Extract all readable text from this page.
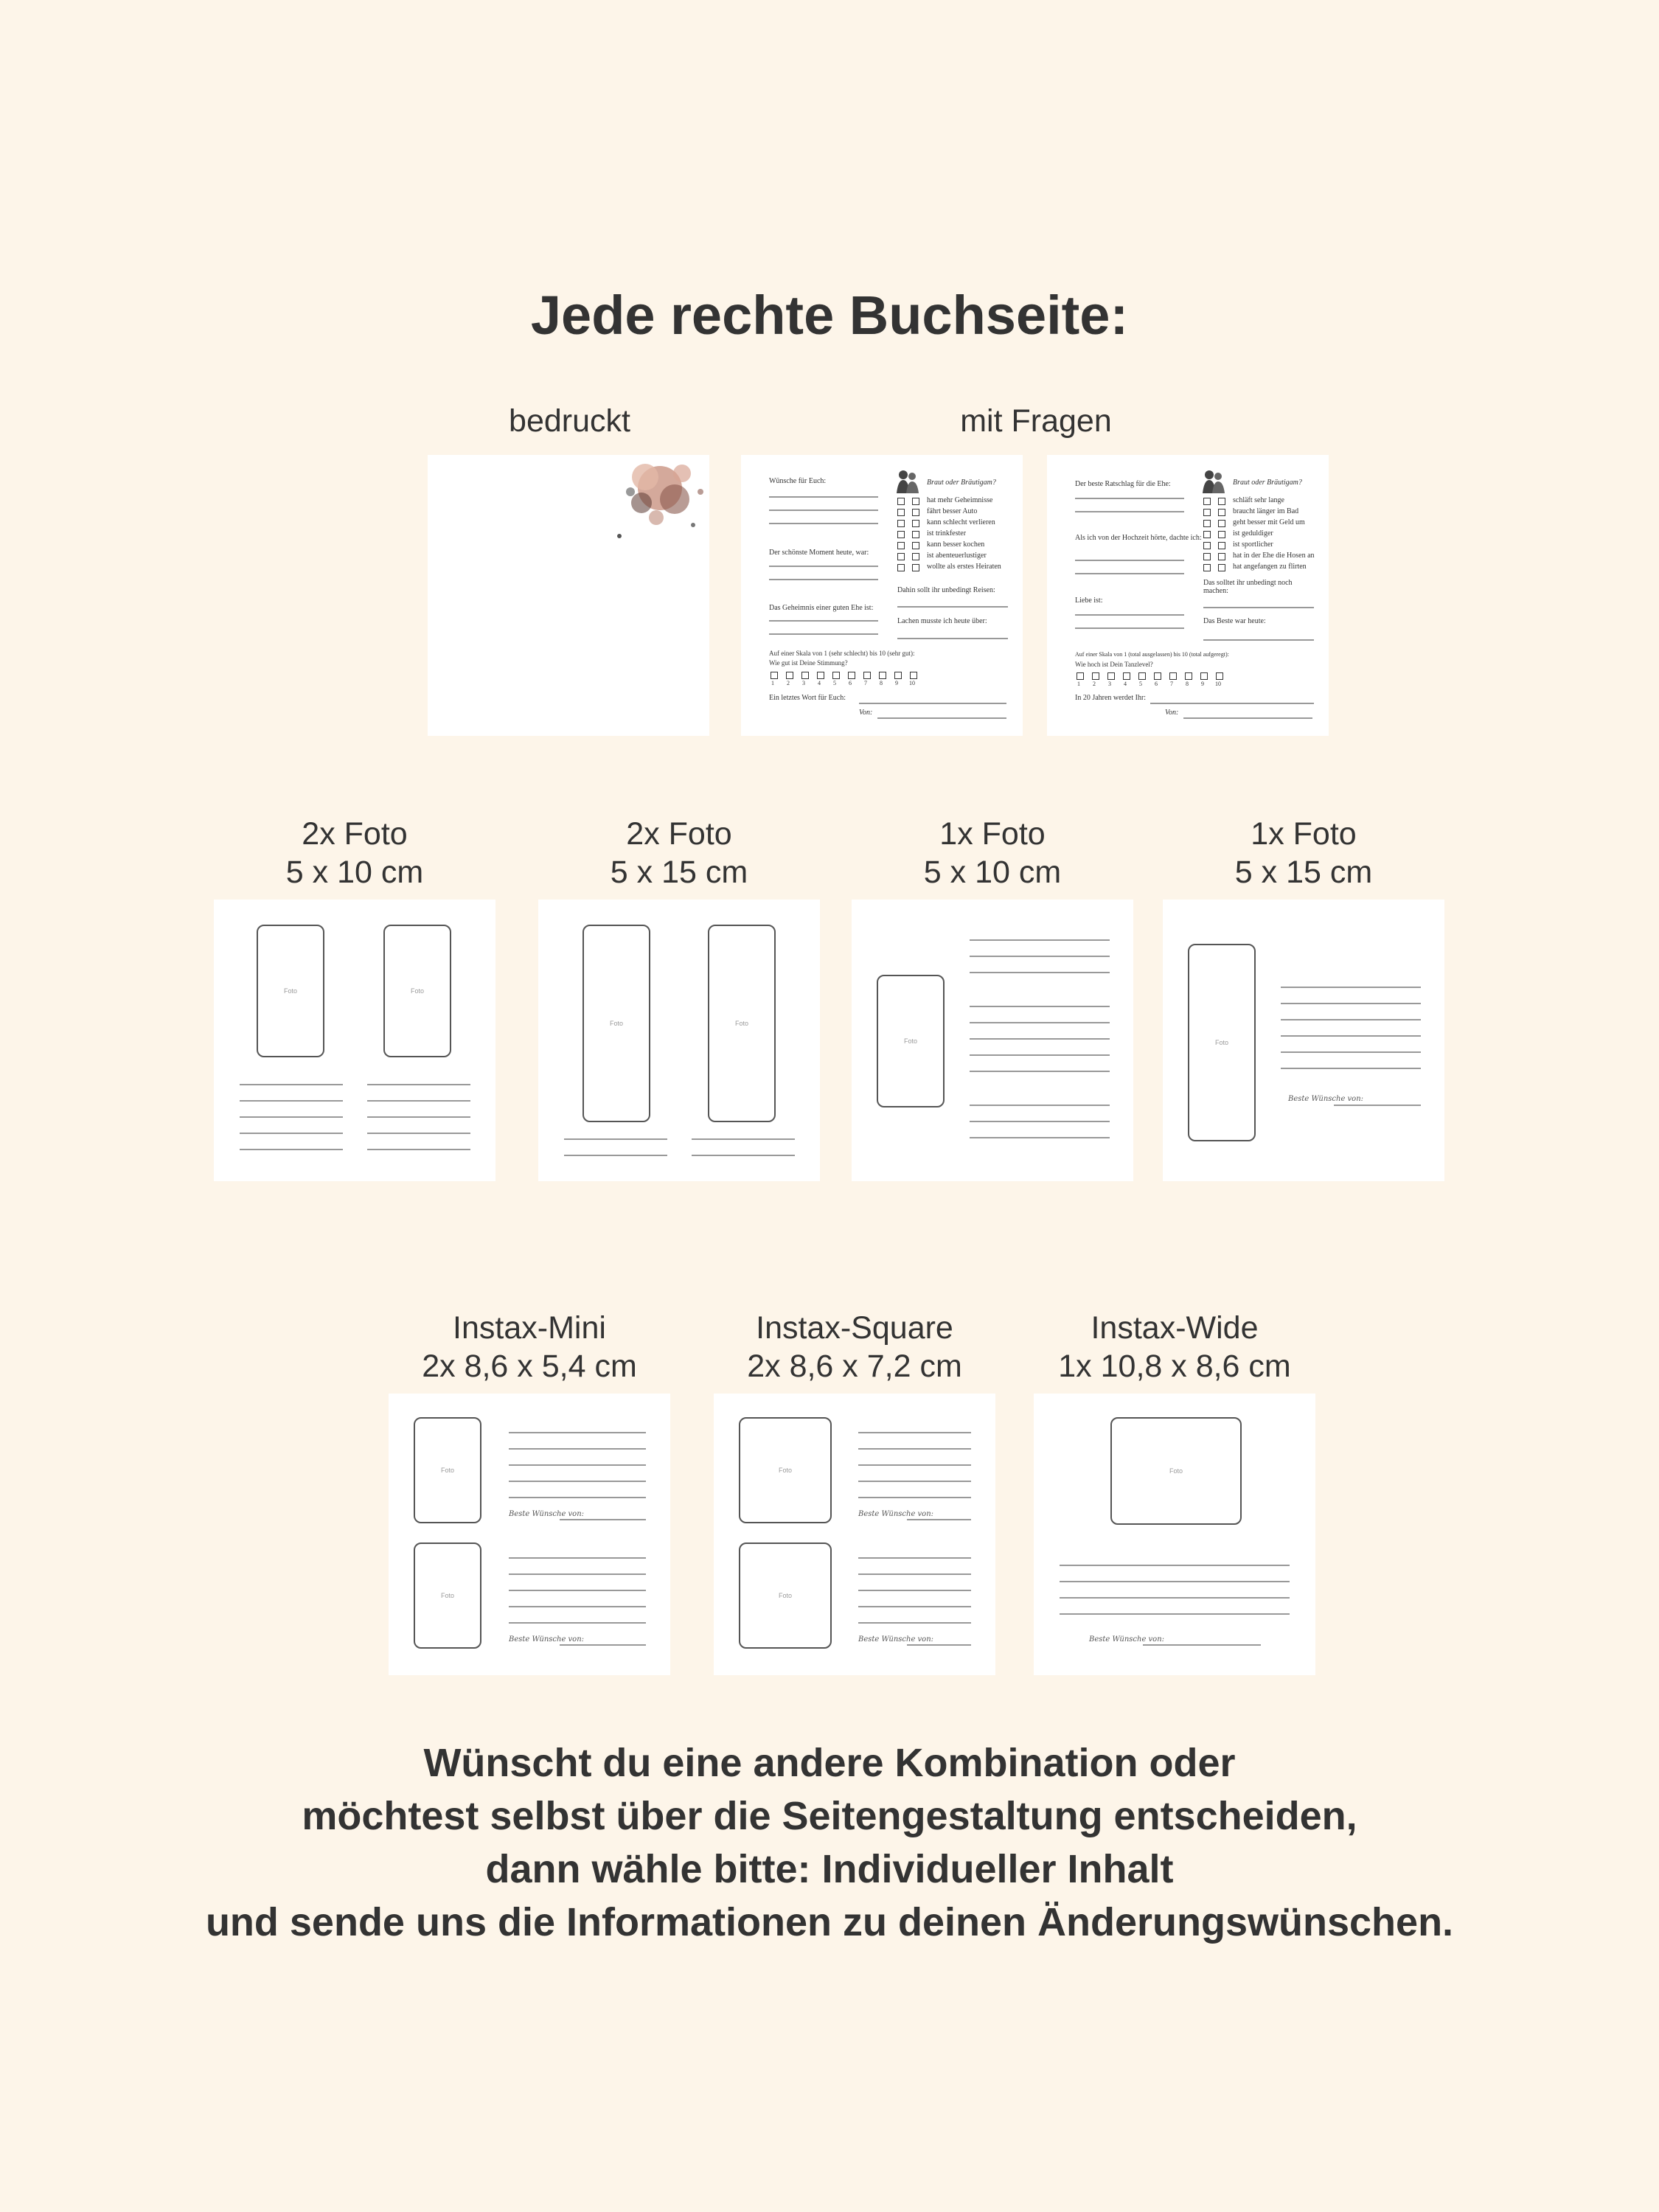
Jede rechte Buchseite:
bedruckt	mit Fragen
Wünsche für Euch:
Der schönste Moment heute, war:
Das Geheimnis einer guten Ehe ist:
Braut oder Bräutigam?
hat mehr Geheimnisse
fährt besser Auto
kann schlecht verlieren
ist trinkfester
kann besser kochen
ist abenteuerlustiger
wollte als erstes Heiraten
Dahin sollt ihr unbedingt Reisen:
Lachen musste ich heute über:
Auf einer Skala von 1 (sehr schlecht) bis 10 (sehr gut):
Wie gut ist Deine Stimmung?
1 2 3 4 5 6 7 8 9 10
Ein letztes Wort für Euch:
Von:
Der beste Ratschlag für die Ehe:
Als ich von der Hochzeit hörte, dachte ich:
Liebe ist:
Braut oder Bräutigam?
schläft sehr lange
braucht länger im Bad
geht besser mit Geld um
ist geduldiger
ist sportlicher
hat in der Ehe die Hosen an
hat angefangen zu flirten
Das solltet ihr unbedingt noch machen:
Das Beste war heute:
Auf einer Skala von 1 (total ausgelassen) bis 10 (total aufgeregt):
Wie hoch ist Dein Tanzlevel?
1 2 3 4 5 6 7 8 9 10
In 20 Jahren werdet Ihr:
Von:
2x Foto
5 x 10 cm
2x Foto
5 x 15 cm
1x Foto
5 x 10 cm
1x Foto
5 x 15 cm
Foto	Foto
Foto	Foto
Foto	Foto
Beste Wünsche von:
Instax-Mini
2x 8,6 x 5,4 cm
Instax-Square
2x 8,6 x 7,2 cm
Instax-Wide
1x 10,8 x 8,6 cm
Foto
Foto
Beste Wünsche von:
Beste Wünsche von:
Foto
Foto
Beste Wünsche von:
Beste Wünsche von:
Foto
Beste Wünsche von:
Wünscht du eine andere Kombination oder
möchtest selbst über die Seitengestaltung entscheiden,
dann wähle bitte: Individueller Inhalt
und sende uns die Informationen zu deinen Änderungswünschen.
